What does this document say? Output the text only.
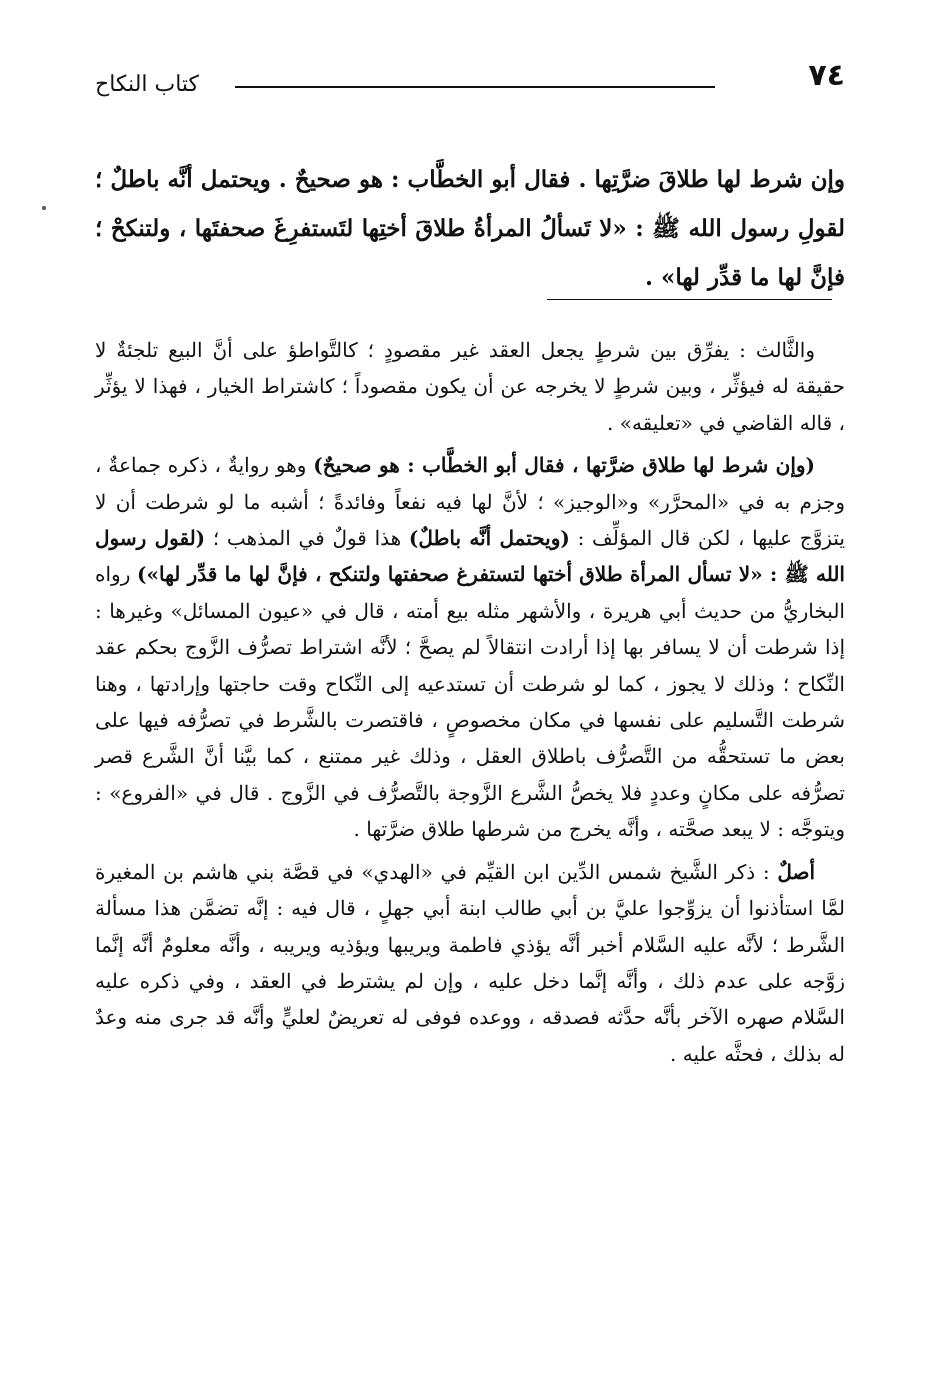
٧٤
كتاب النكاح
وإن شرط لها طلاقَ ضرَّتِها . فقال أبو الخطَّاب : هو صحيحٌ . ويحتمل أنَّه باطلٌ ؛ لقولِ رسول الله ﷺ : «لا تَسألُ المرأةُ طلاقَ أختِها لتَستفرِغَ صحفتَها ، ولتنكحْ ؛ فإنَّ لها ما قدِّر لها» .

والثَّالث : يفرِّق بين شرطٍ يجعل العقد غير مقصودٍ ؛ كالتَّواطؤ على أنَّ البيع تلجئةٌ لا حقيقة له فيؤثِّر ، وبين شرطٍ لا يخرجه عن أن يكون مقصوداً ؛ كاشتراط الخيار ، فهذا لا يؤثِّر ، قاله القاضي في «تعليقه» .

(وإن شرط لها طلاق ضرَّتها ، فقال أبو الخطَّاب : هو صحيحٌ) وهو روايةٌ ، ذكره جماعةٌ ، وجزم به في «المحرَّر» و«الوجيز» ؛ لأنَّ لها فيه نفعاً وفائدةً ؛ أشبه ما لو شرطت أن لا يتزوَّج عليها ، لكن قال المؤلِّف : (ويحتمل أنَّه باطلٌ) هذا قولٌ في المذهب ؛ (لقول رسول الله ﷺ : «لا تسأل المرأة طلاق أختها لتستفرغ صحفتها ولتنكح ، فإنَّ لها ما قدِّر لها») رواه البخاريُّ من حديث أبي هريرة ، والأشهر مثله بيع أمته ، قال في «عيون المسائل» وغيرها : إذا شرطت أن لا يسافر بها إذا أرادت انتقالاً لم يصحَّ ؛ لأنَّه اشتراط تصرُّف الزَّوج بحكم عقد النِّكاح ؛ وذلك لا يجوز ، كما لو شرطت أن تستدعيه إلى النِّكاح وقت حاجتها وإرادتها ، وهنا شرطت التَّسليم على نفسها في مكان مخصوصٍ ، فاقتصرت بالشَّرط في تصرُّفه فيها على بعض ما تستحقُّه من التَّصرُّف باطلاق العقل ، وذلك غير ممتنع ، كما بيَّنا أنَّ الشَّرع قصر تصرُّفه على مكانٍ وعددٍ فلا يخصُّ الشَّرع الزَّوجة بالتَّصرُّف في الزَّوج . قال في «الفروع» : ويتوجَّه : لا يبعد صحَّته ، وأنَّه يخرج من شرطها طلاق ضرَّتها .

أصلٌ : ذكر الشَّيخ شمس الدِّين ابن القيِّم في «الهدي» في قصَّة بني هاشم بن المغيرة لمَّا استأذنوا أن يزوِّجوا عليَّ بن أبي طالب ابنة أبي جهلٍ ، قال فيه : إنَّه تضمَّن هذا مسألة الشَّرط ؛ لأنَّه عليه السَّلام أخبر أنَّه يؤذي فاطمة ويريبها ويؤذيه ويريبه ، وأنَّه معلومٌ أنَّه إنَّما زوَّجه على عدم ذلك ، وأنَّه إنَّما دخل عليه ، وإن لم يشترط في العقد ، وفي ذكره عليه السَّلام صهره الآخر بأنَّه حدَّثه فصدقه ، ووعده فوفى له تعريضٌ لعليٍّ وأنَّه قد جرى منه وعدٌ له بذلك ، فحثَّه عليه .
